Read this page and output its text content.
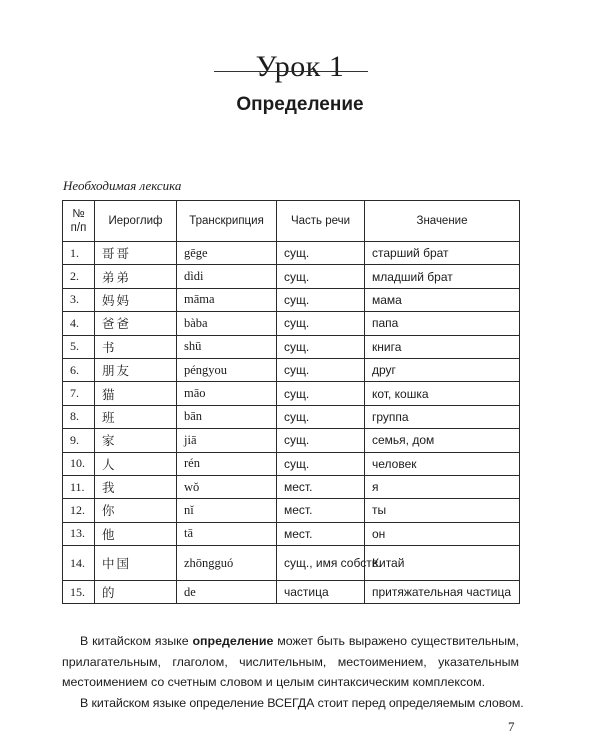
Урок 1
Определение
Необходимая лексика
№
п/п	Иероглиф	Транскрипция	Часть речи	Значение
1.	哥哥	gēge	сущ.	старший брат
2.	弟弟	dìdi	сущ.	младший брат
3.	妈妈	māma	сущ.	мама
4.	爸爸	bàba	сущ.	папа
5.	书	shū	сущ.	книга
6.	朋友	péngyou	сущ.	друг
7.	猫	māo	сущ.	кот, кошка
8.	班	bān	сущ.	группа
9.	家	jiā	сущ.	семья, дом
10.	人	rén	сущ.	человек
11.	我	wǒ	мест.	я
12.	你	nǐ	мест.	ты
13.	他	tā	мест.	он
14.	中国	zhōngguó	сущ., имя собств.	Китай
15.	的	de	частица	притяжательная частица

В китайском языке определение может быть выражено существительным, прилагательным, глаголом, числительным, местоимением, указательным местоимением со счетным словом и целым синтаксическим комплексом.

В китайском языке определение ВСЕГДА стоит перед определяемым словом.

7
